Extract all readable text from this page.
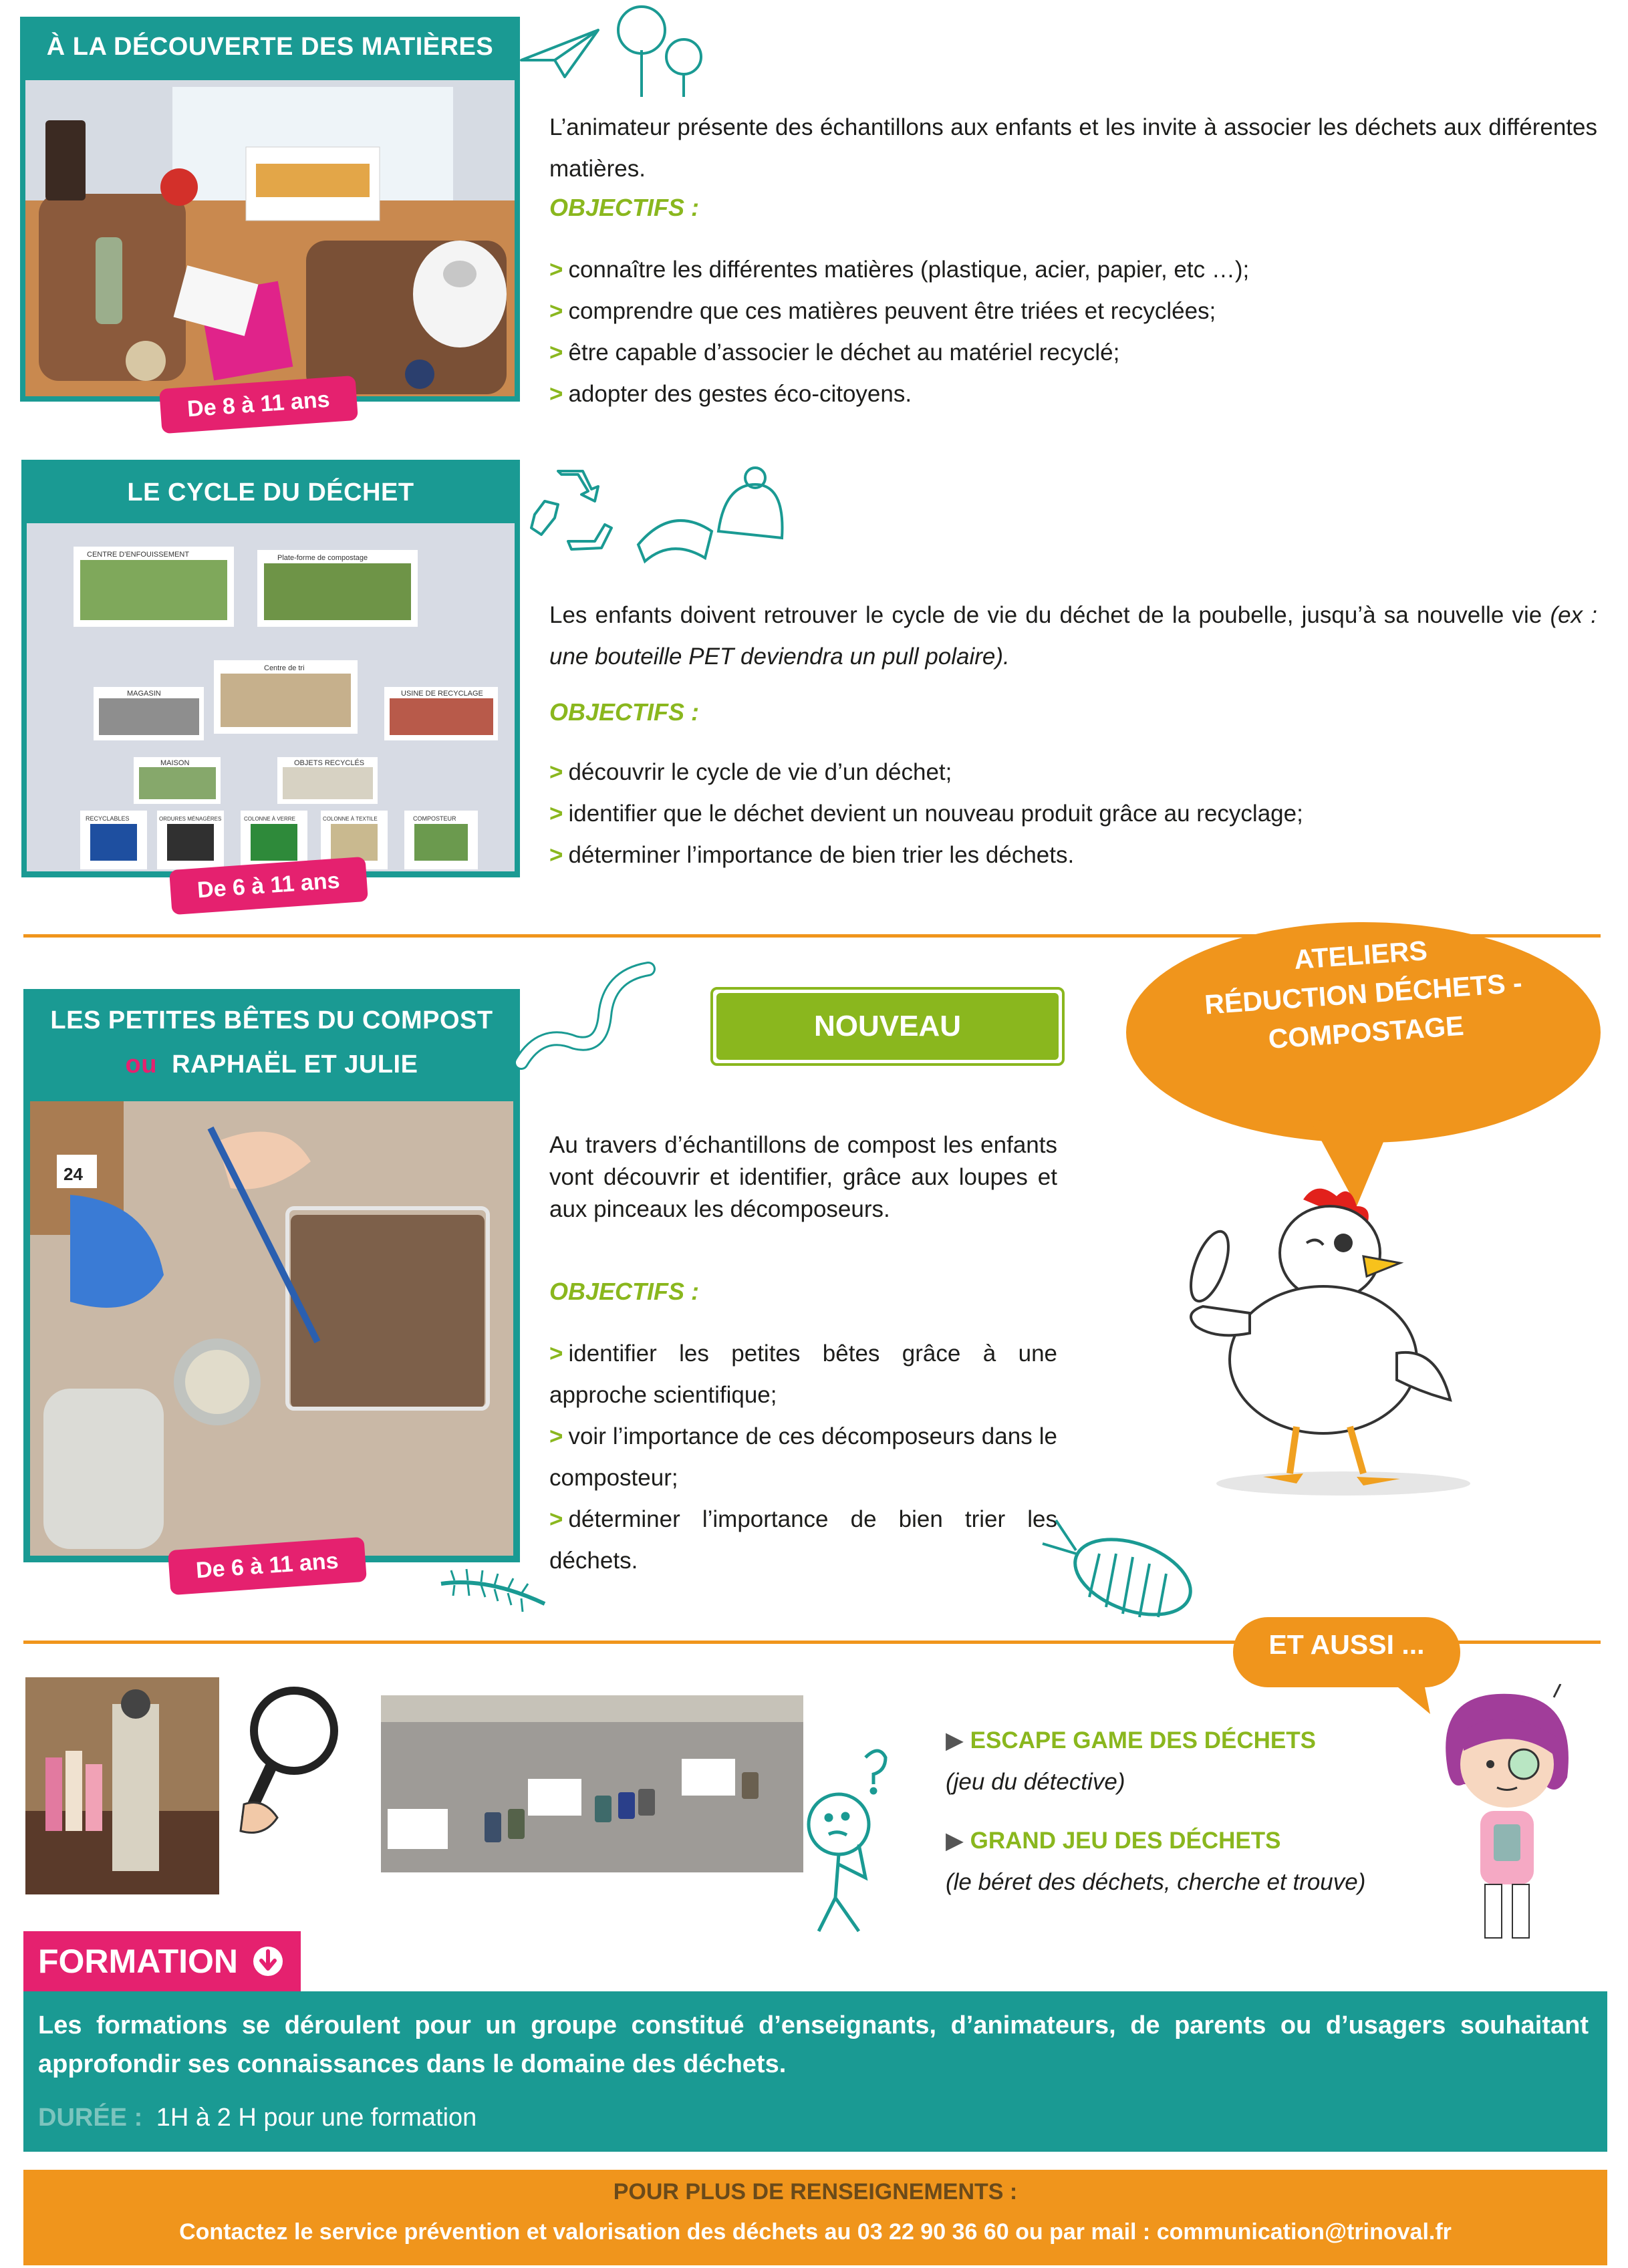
À LA DÉCOUVERTE DES MATIÈRES
De 8 à 11 ans
L’animateur présente des échantillons aux enfants et les invite à associer les déchets aux différentes matières.
OBJECTIFS :
> connaître les différentes matières (plastique, acier, papier, etc …);
> comprendre que ces matières peuvent être triées et recyclées;
> être capable d’associer le déchet au matériel recyclé;
> adopter des gestes éco-citoyens.
LE CYCLE DU DÉCHET
CENTRE D'ENFOUISSEMENT	Plate-forme de compostage
Centre de tri
MAGASIN	USINE DE RECYCLAGE
MAISON	OBJETS RECYCLÉS
RECYCLABLES	ORDURES MÉNAGÈRES	COLONNE À VERRE	COLONNE À TEXTILE	COMPOSTEUR
De 6 à 11 ans
Les enfants doivent retrouver le cycle de vie du déchet de la poubelle, jusqu’à sa nouvelle vie (ex : une bouteille PET deviendra un pull polaire).
OBJECTIFS :
> découvrir le cycle de vie d’un déchet;
> identifier que le déchet devient un nouveau produit grâce au recyclage;
> déterminer l’importance de bien trier les déchets.
LES PETITES BÊTES DU COMPOST
ou RAPHAËL ET JULIE
24
De 6 à 11 ans
NOUVEAU
Au travers d’échantillons de compost les enfants vont découvrir et identifier, grâce aux loupes et aux pinceaux les décomposeurs.
OBJECTIFS :
> identifier les petites bêtes grâce à une approche scientifique;
> voir l’importance de ces décomposeurs dans le composteur;
> déterminer l’importance de bien trier les déchets.
ATELIERS
RÉDUCTION DÉCHETS -
COMPOSTAGE
ET AUSSI ...
▶ ESCAPE GAME DES DÉCHETS
(jeu du détective)
▶ GRAND JEU DES DÉCHETS
(le béret des déchets, cherche et trouve)
FORMATION
Les formations se déroulent pour un groupe constitué d’enseignants, d’animateurs, de parents ou d’usagers souhaitant approfondir ses connaissances dans le domaine des déchets.
DURÉE : 1H à 2 H pour une formation
POUR PLUS DE RENSEIGNEMENTS :
Contactez le service prévention et valorisation des déchets au 03 22 90 36 60 ou par mail : communication@trinoval.fr
